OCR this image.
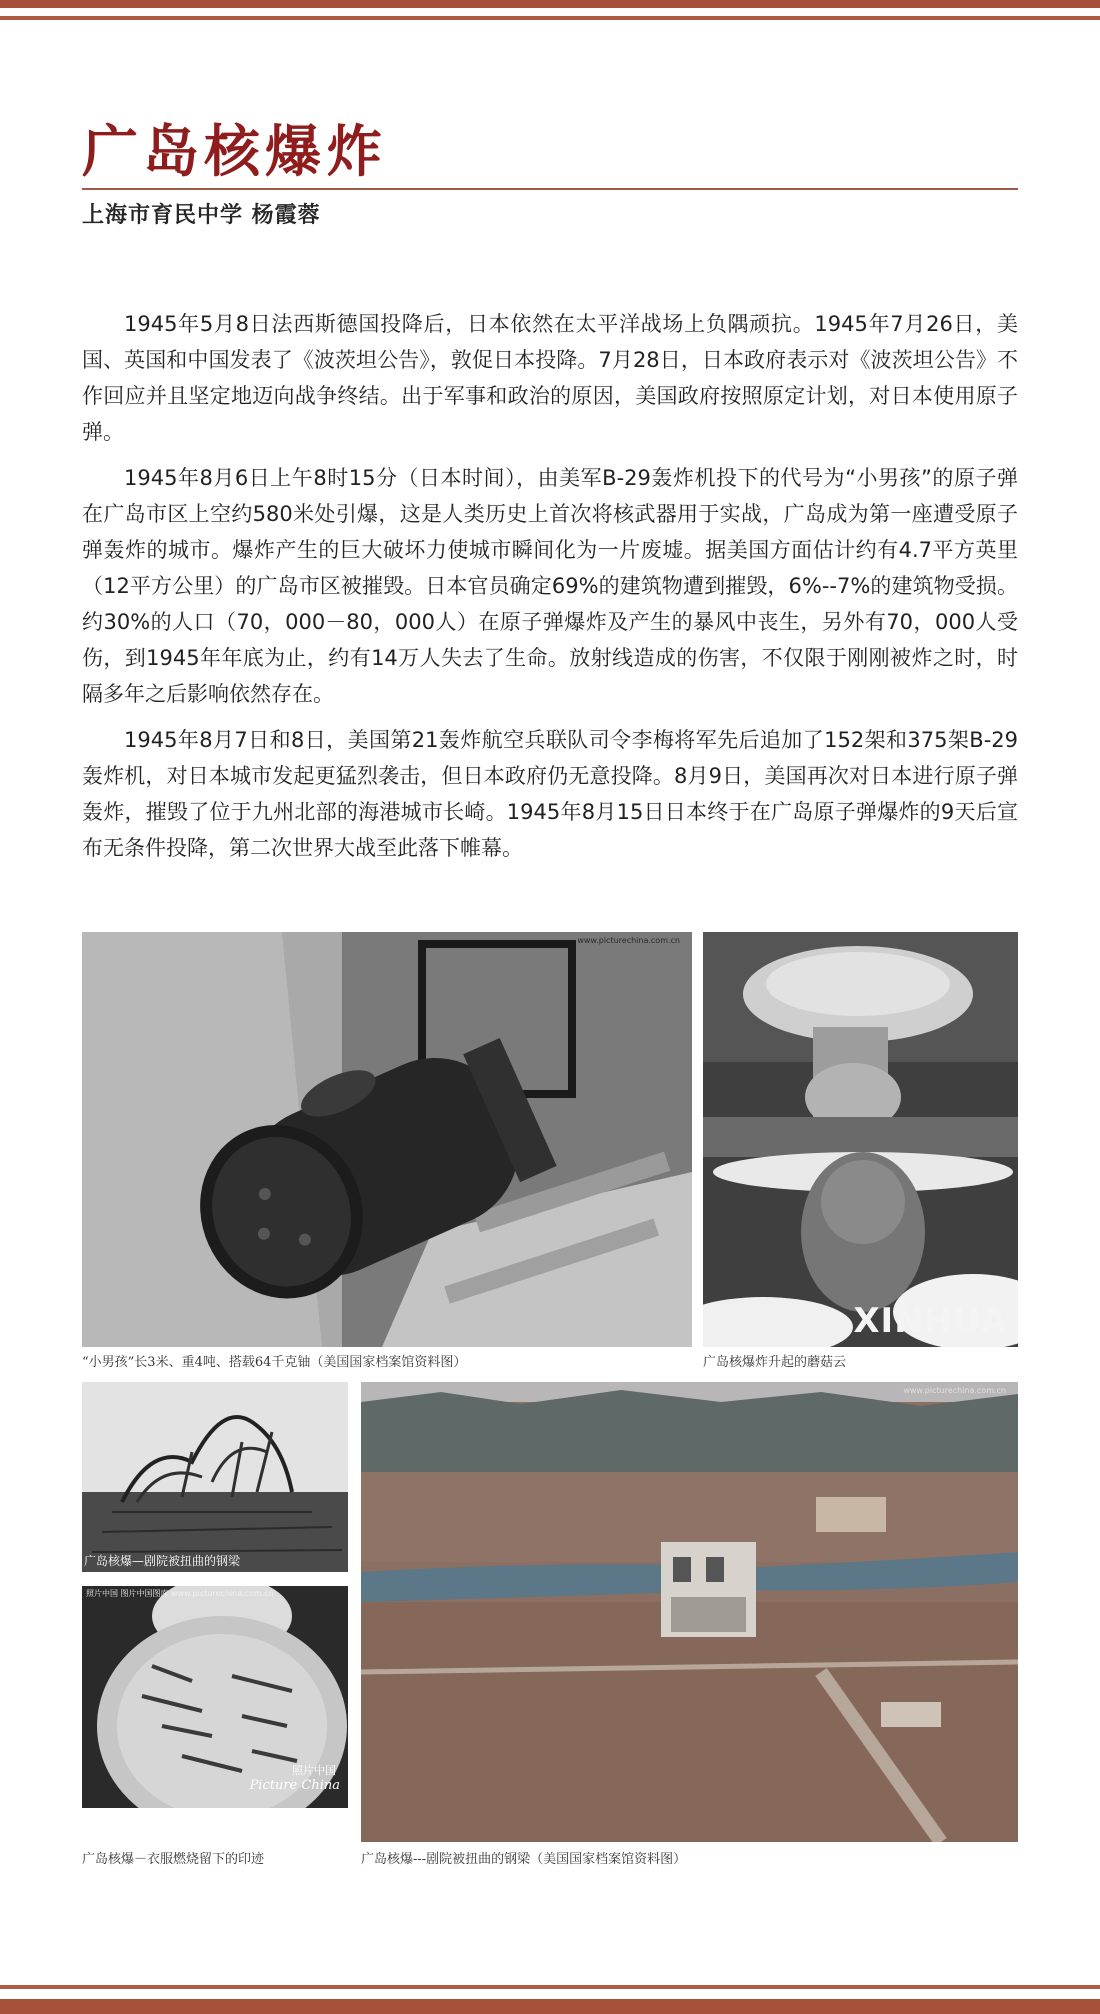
广岛核爆炸
上海市育民中学 杨霞蓉

1945年5月8日法西斯德国投降后，日本依然在太平洋战场上负隅顽抗。1945年7月26日，美国、英国和中国发表了《波茨坦公告》，敦促日本投降。7月28日，日本政府表示对《波茨坦公告》不作回应并且坚定地迈向战争终结。出于军事和政治的原因，美国政府按照原定计划，对日本使用原子弹。

1945年8月6日上午8时15分（日本时间），由美军B-29轰炸机投下的代号为“小男孩”的原子弹在广岛市区上空约580米处引爆，这是人类历史上首次将核武器用于实战，广岛成为第一座遭受原子弹轰炸的城市。爆炸产生的巨大破坏力使城市瞬间化为一片废墟。据美国方面估计约有4.7平方英里（12平方公里）的广岛市区被摧毁。日本官员确定69%的建筑物遭到摧毁，6%--7%的建筑物受损。约30%的人口（70，000－80，000人）在原子弹爆炸及产生的暴风中丧生，另外有70，000人受伤，到1945年年底为止，约有14万人失去了生命。放射线造成的伤害，不仅限于刚刚被炸之时，时隔多年之后影响依然存在。

1945年8月7日和8日，美国第21轰炸航空兵联队司令李梅将军先后追加了152架和375架B-29轰炸机，对日本城市发起更猛烈袭击，但日本政府仍无意投降。8月9日，美国再次对日本进行原子弹轰炸，摧毁了位于九州北部的海港城市长崎。1945年8月15日日本终于在广岛原子弹爆炸的9天后宣布无条件投降，第二次世界大战至此落下帷幕。

www.picturechina.com.cn
“小男孩”长3米、重4吨、搭载64千克铀（美国国家档案馆资料图）
XINHUA
广岛核爆炸升起的蘑菇云
广岛核爆—剧院被扭曲的钢梁
照片中国 图片中国图库 www.picturechina.com.cn
照片中国
Picture China
广岛核爆－衣服燃烧留下的印迹
www.picturechina.com.cn
广岛核爆---剧院被扭曲的钢梁（美国国家档案馆资料图）
